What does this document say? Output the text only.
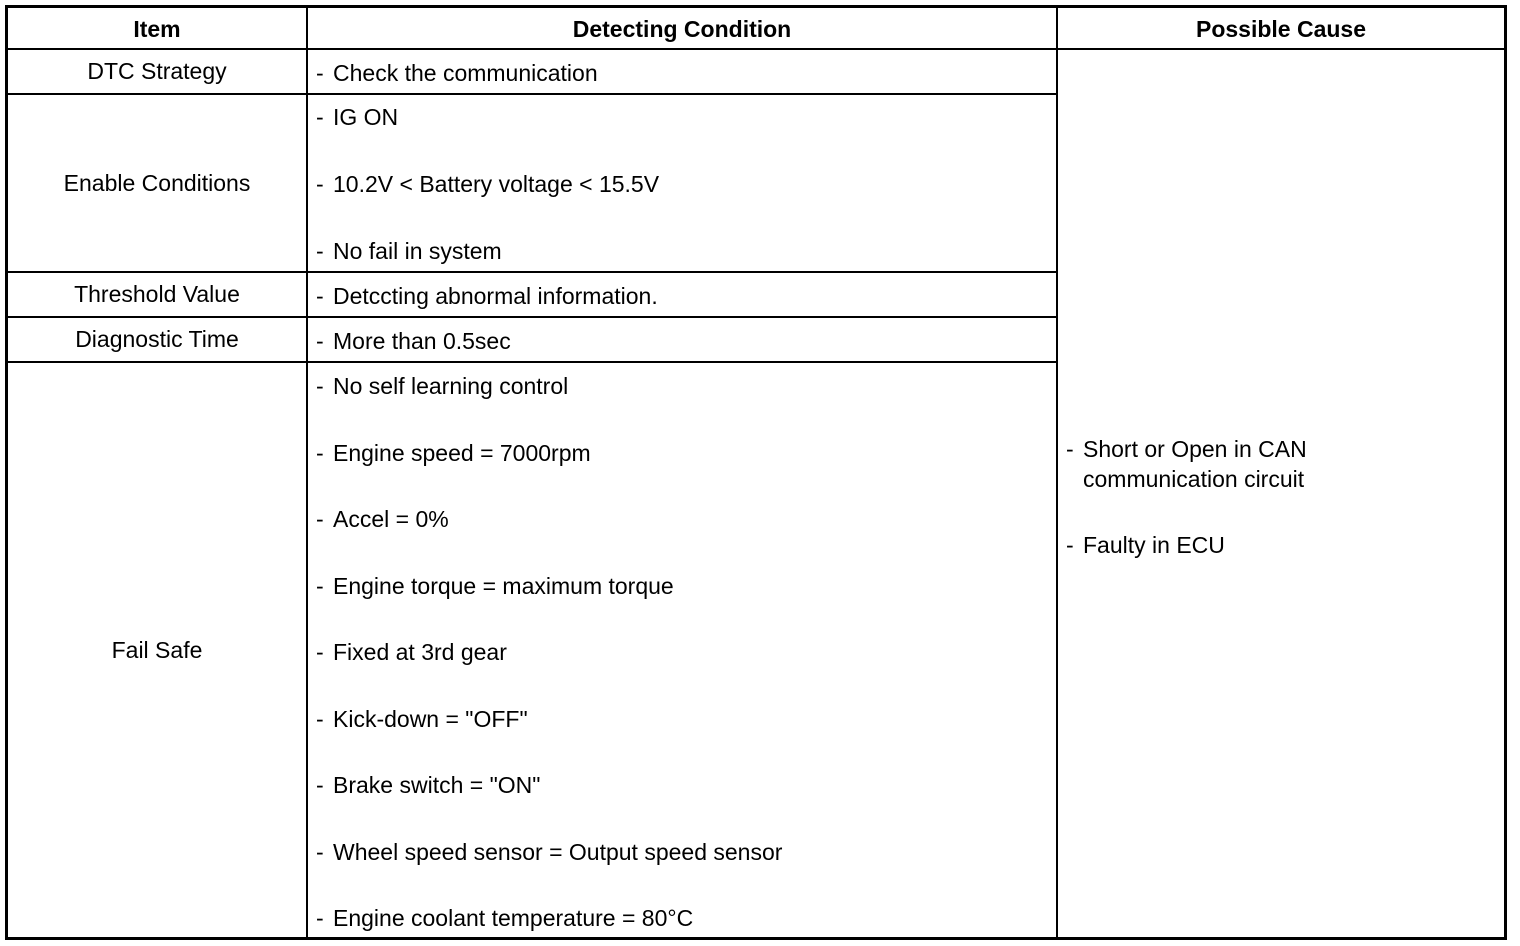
Item	Detecting Condition	Possible Cause
DTC Strategy
Enable Conditions
Threshold Value
Diagnostic Time
Fail Safe
- Check the communication
- IG ON
- 10.2V < Battery voltage < 15.5V
- No fail in system
- Detccting abnormal information.
- More than 0.5sec
- No self learning control
- Engine speed = 7000rpm
- Accel = 0%
- Engine torque = maximum torque
- Fixed at 3rd gear
- Kick-down = "OFF"
- Brake switch = "ON"
- Wheel speed sensor = Output speed sensor
- Engine coolant temperature = 80°C
- Short or Open in CAN
communication circuit
- Faulty in ECU
